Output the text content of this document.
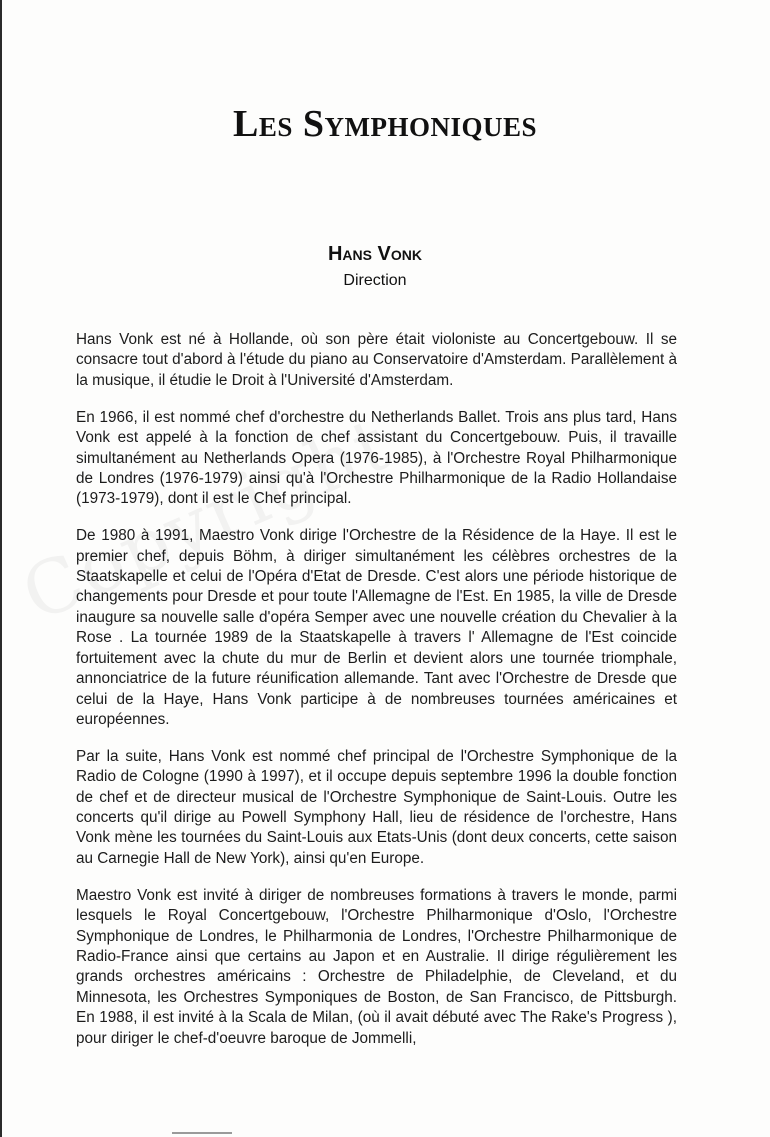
Les Symphoniques
Hans Vonk
Direction

Hans Vonk est né à Hollande, où son père était violoniste au Concertgebouw. Il se consacre tout d'abord à l'étude du piano au Conservatoire d'Amsterdam. Parallèlement à la musique, il étudie le Droit à l'Université d'Amsterdam.

En 1966, il est nommé chef d'orchestre du Netherlands Ballet. Trois ans plus tard, Hans Vonk est appelé à la fonction de chef assistant du Concertgebouw. Puis, il travaille simultanément au Netherlands Opera (1976-1985), à l'Orchestre Royal Philharmonique de Londres (1976-1979) ainsi qu'à l'Orchestre Philharmonique de la Radio Hollandaise (1973-1979), dont il est le Chef principal.

De 1980 à 1991, Maestro Vonk dirige l'Orchestre de la Résidence de la Haye. Il est le premier chef, depuis Böhm, à diriger simultanément les célèbres orchestres de la Staatskapelle et celui de l'Opéra d'Etat de Dresde. C'est alors une période historique de changements pour Dresde et pour toute l'Allemagne de l'Est. En 1985, la ville de Dresde inaugure sa nouvelle salle d'opéra Semper avec une nouvelle création du Chevalier à la Rose . La tournée 1989 de la Staatskapelle à travers l' Allemagne de l'Est coincide fortuitement avec la chute du mur de Berlin et devient alors une tournée triomphale, annonciatrice de la future réunification allemande. Tant avec l'Orchestre de Dresde que celui de la Haye, Hans Vonk participe à de nombreuses tournées américaines et européennes.

Par la suite, Hans Vonk est nommé chef principal de l'Orchestre Symphonique de la Radio de Cologne (1990 à 1997), et il occupe depuis septembre 1996 la double fonction de chef et de directeur musical de l'Orchestre Symphonique de Saint-Louis. Outre les concerts qu'il dirige au Powell Symphony Hall, lieu de résidence de l'orchestre, Hans Vonk mène les tournées du Saint-Louis aux Etats-Unis (dont deux concerts, cette saison au Carnegie Hall de New York), ainsi qu'en Europe.

Maestro Vonk est invité à diriger de nombreuses formations à travers le monde, parmi lesquels le Royal Concertgebouw, l'Orchestre Philharmonique d'Oslo, l'Orchestre Symphonique de Londres, le Philharmonia de Londres, l'Orchestre Philharmonique de Radio-France ainsi que certains au Japon et en Australie. Il dirige régulièrement les grands orchestres américains : Orchestre de Philadelphie, de Cleveland, et du Minnesota, les Orchestres Symponiques de Boston, de San Francisco, de Pittsburgh. En 1988, il est invité à la Scala de Milan, (où il avait débuté avec The Rake's Progress ), pour diriger le chef-d'oeuvre baroque de Jommelli,
